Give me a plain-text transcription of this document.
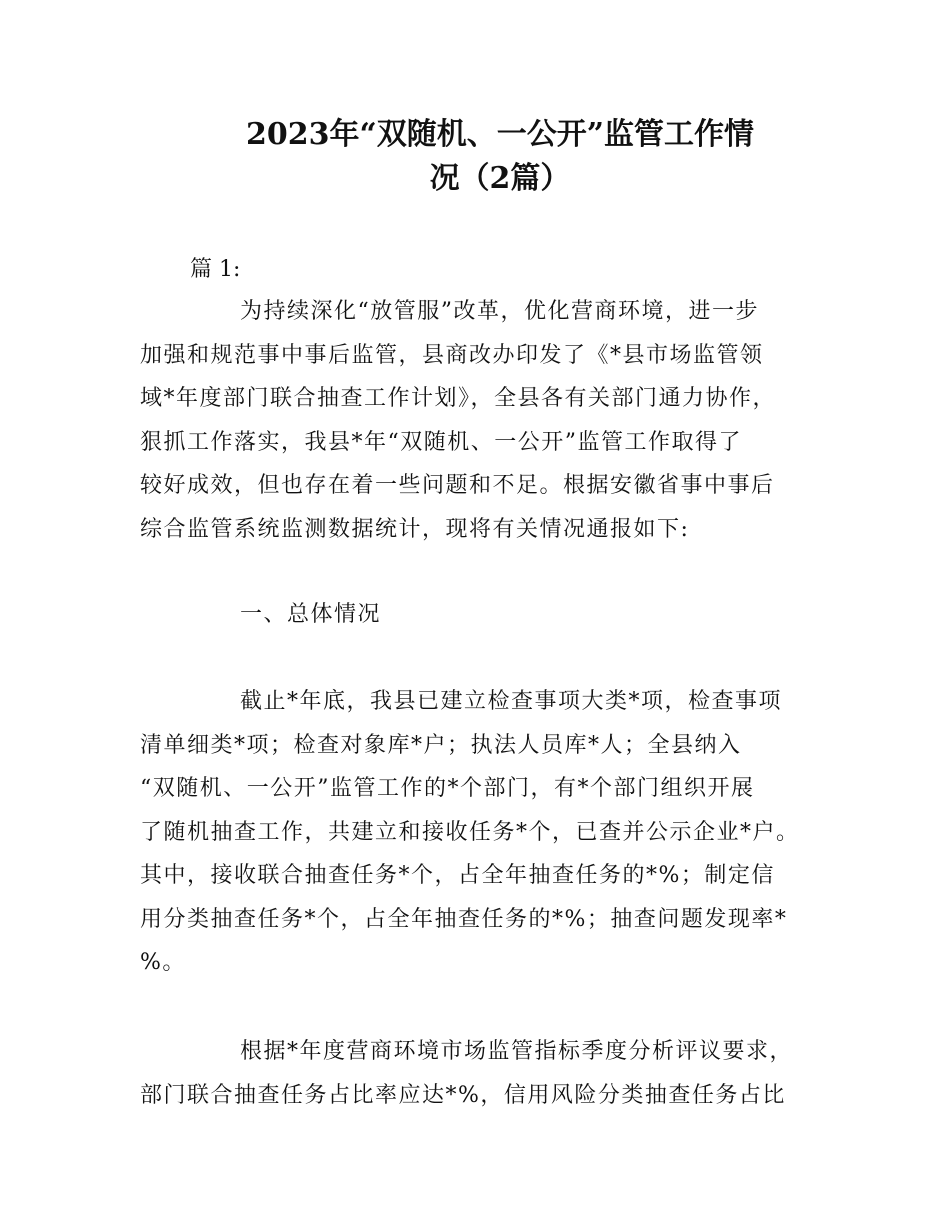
2023年“双随机、一公开”监管工作情
况（2篇）

篇 1:

为持续深化“放管服”改革，优化营商环境，进一步
加强和规范事中事后监管，县商改办印发了《*县市场监管领
域*年度部门联合抽查工作计划》，全县各有关部门通力协作，
狠抓工作落实，我县*年“双随机、一公开”监管工作取得了
较好成效，但也存在着一些问题和不足。根据安徽省事中事后
综合监管系统监测数据统计，现将有关情况通报如下:

一、总体情况

截止*年底，我县已建立检查事项大类*项，检查事项
清单细类*项；检查对象库*户；执法人员库*人；全县纳入
“双随机、一公开”监管工作的*个部门，有*个部门组织开展
了随机抽查工作，共建立和接收任务*个，已查并公示企业*户。
其中，接收联合抽查任务*个，占全年抽查任务的*%；制定信
用分类抽查任务*个，占全年抽查任务的*%；抽查问题发现率*
%。
根据*年度营商环境市场监管指标季度分析评议要求，
部门联合抽查任务占比率应达*%，信用风险分类抽查任务占比
